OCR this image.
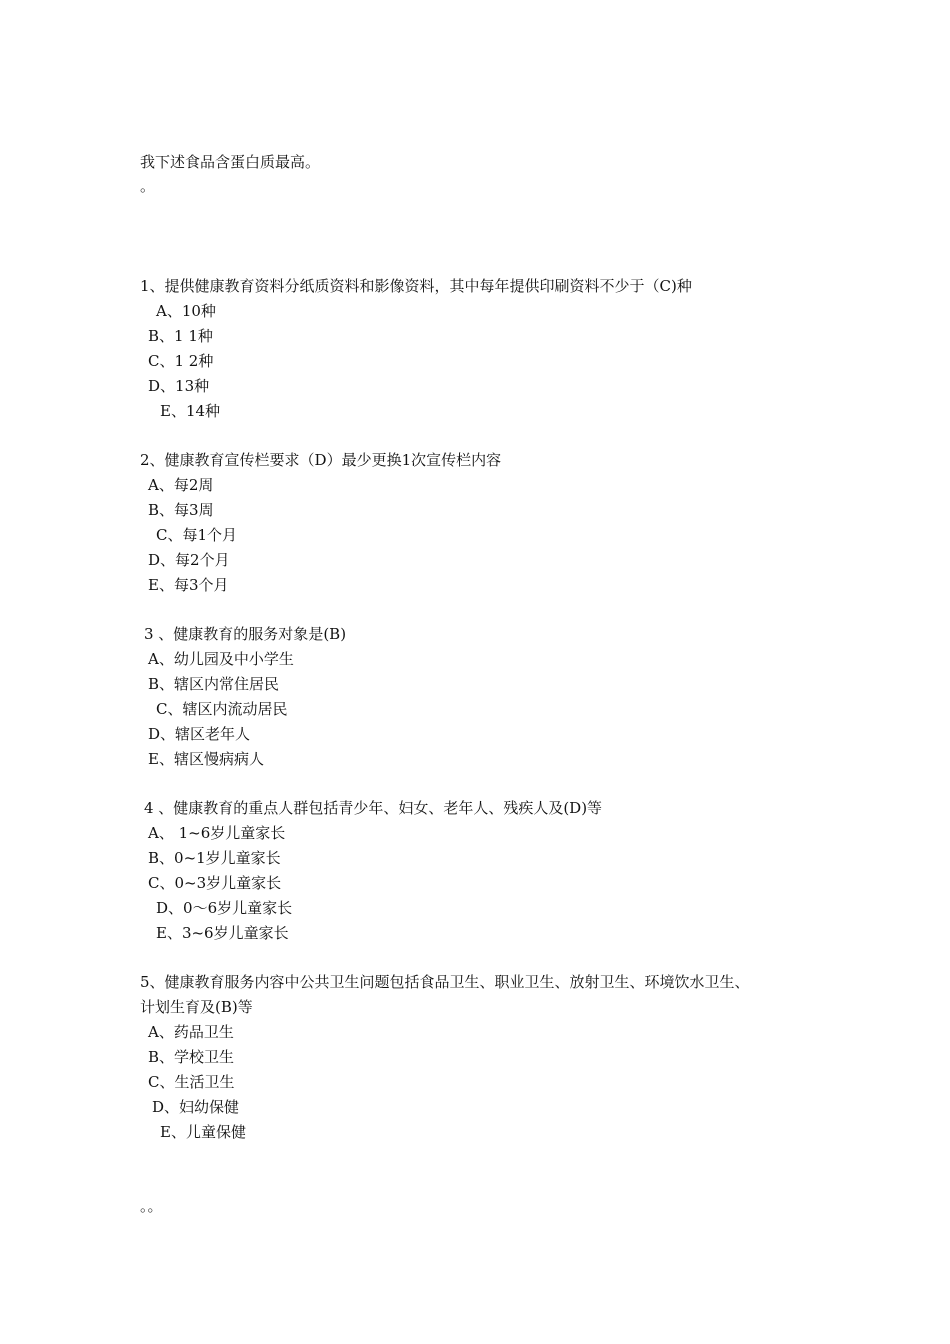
我下述食品含蛋白质最高。
。
1、提供健康教育资料分纸质资料和影像资料，其中每年提供印刷资料不少于（C)种
A、10种
B、1 1种
C、1 2种
D、13种
E、14种
2、健康教育宣传栏要求（D）最少更换1次宣传栏内容
A、每2周
B、每3周
C、每1个月
D、每2个月
E、每3个月
3 、健康教育的服务对象是(B)
A、幼儿园及中小学生
B、辖区内常住居民
C、辖区内流动居民
D、辖区老年人
E、辖区慢病病人
4 、健康教育的重点人群包括青少年、妇女、老年人、残疾人及(D)等
A、 1~6岁儿童家长
B、0~1岁儿童家长
C、0~3岁儿童家长
D、0～6岁儿童家长
E、3~6岁儿童家长
5、健康教育服务内容中公共卫生问题包括食品卫生、职业卫生、放射卫生、环境饮水卫生、
计划生育及(B)等
A、药品卫生
B、学校卫生
C、生活卫生
D、妇幼保健
E、儿童保健
。。
